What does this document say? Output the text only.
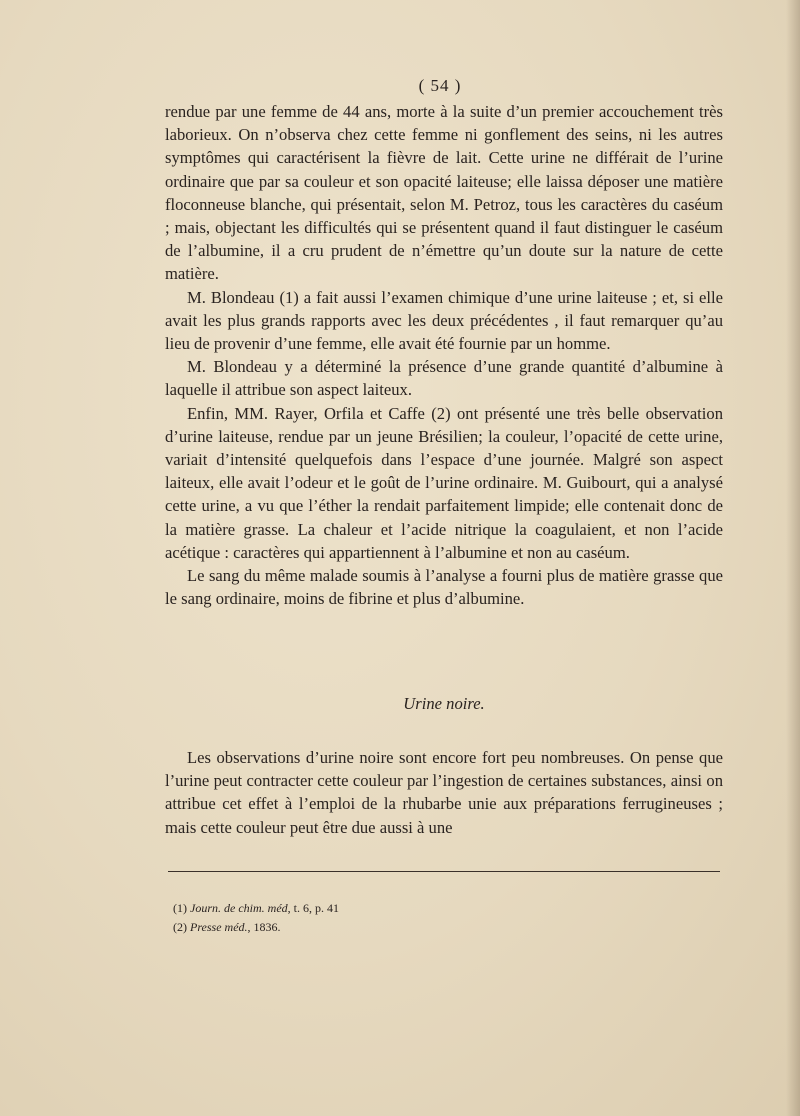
( 54 )

rendue par une femme de 44 ans, morte à la suite d’un premier accouchement très laborieux. On n’observa chez cette femme ni gonflement des seins, ni les autres symptômes qui caractérisent la fièvre de lait. Cette urine ne différait de l’urine ordinaire que par sa couleur et son opacité laiteuse; elle laissa déposer une matière floconneuse blanche, qui présentait, selon M. Petroz, tous les caractères du caséum ; mais, objectant les difficultés qui se présentent quand il faut distinguer le caséum de l’albumine, il a cru prudent de n’émettre qu’un doute sur la nature de cette matière.

M. Blondeau (1) a fait aussi l’examen chimique d’une urine laiteuse ; et, si elle avait les plus grands rapports avec les deux précédentes , il faut remarquer qu’au lieu de provenir d’une femme, elle avait été fournie par un homme.

M. Blondeau y a déterminé la présence d’une grande quantité d’albumine à laquelle il attribue son aspect laiteux.

Enfin, MM. Rayer, Orfila et Caffe (2) ont présenté une très belle observation d’urine laiteuse, rendue par un jeune Brésilien; la couleur, l’opacité de cette urine, variait d’intensité quelquefois dans l’espace d’une journée. Malgré son aspect laiteux, elle avait l’odeur et le goût de l’urine ordinaire. M. Guibourt, qui a analysé cette urine, a vu que l’éther la rendait parfaitement limpide; elle contenait donc de la matière grasse. La chaleur et l’acide nitrique la coagulaient, et non l’acide acétique : caractères qui appartiennent à l’albumine et non au caséum.

Le sang du même malade soumis à l’analyse a fourni plus de matière grasse que le sang ordinaire, moins de fibrine et plus d’albumine.

Urine noire.

Les observations d’urine noire sont encore fort peu nombreuses. On pense que l’urine peut contracter cette couleur par l’ingestion de certaines substances, ainsi on attribue cet effet à l’emploi de la rhubarbe unie aux préparations ferrugineuses ; mais cette couleur peut être due aussi à une

(1) Journ. de chim. méd, t. 6, p. 41
(2) Presse méd., 1836.
